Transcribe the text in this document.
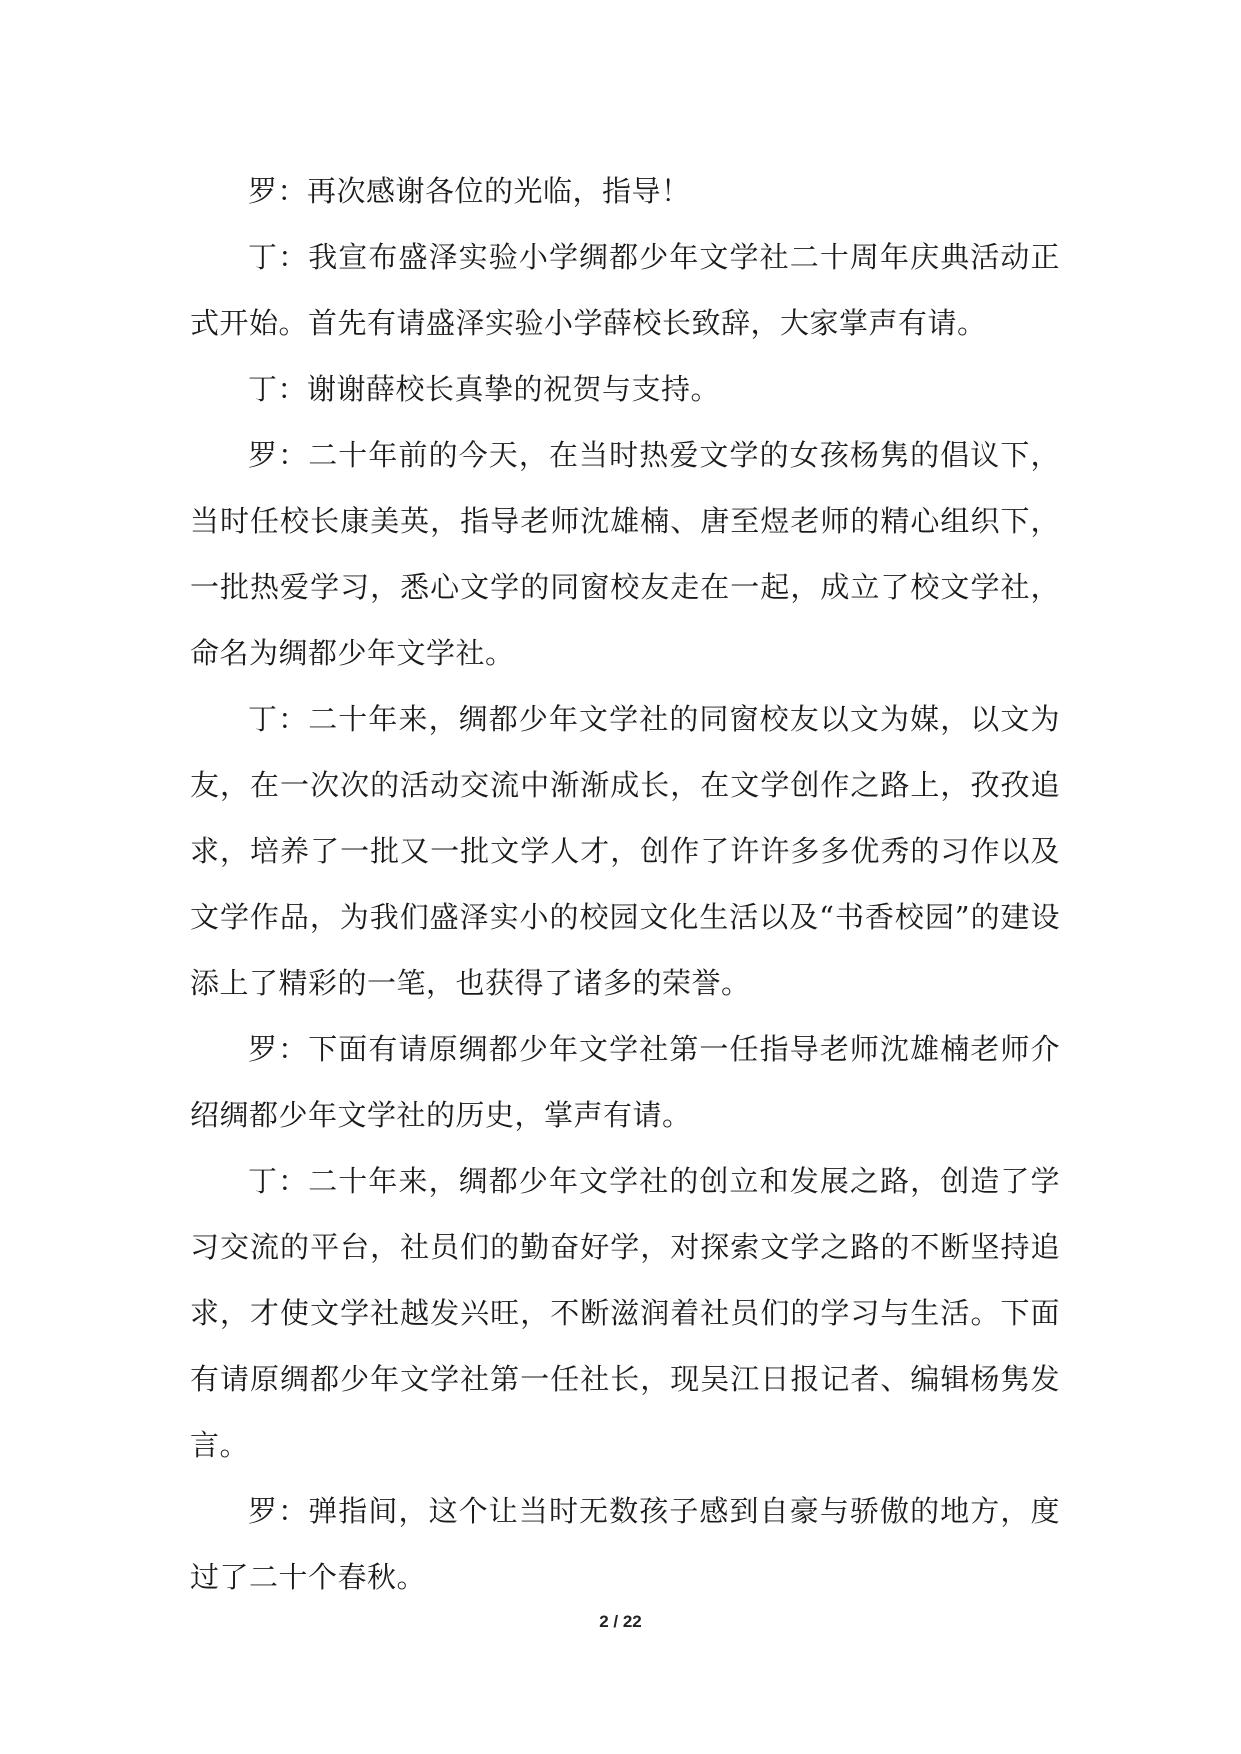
罗：再次感谢各位的光临，指导！

丁：我宣布盛泽实验小学绸都少年文学社二十周年庆典活动正式开始。首先有请盛泽实验小学薛校长致辞，大家掌声有请。

丁：谢谢薛校长真挚的祝贺与支持。

罗：二十年前的今天，在当时热爱文学的女孩杨隽的倡议下，当时任校长康美英，指导老师沈雄楠、唐至煜老师的精心组织下，一批热爱学习，悉心文学的同窗校友走在一起，成立了校文学社，命名为绸都少年文学社。

丁：二十年来，绸都少年文学社的同窗校友以文为媒，以文为友，在一次次的活动交流中渐渐成长，在文学创作之路上，孜孜追求，培养了一批又一批文学人才，创作了许许多多优秀的习作以及文学作品，为我们盛泽实小的校园文化生活以及“书香校园”的建设添上了精彩的一笔，也获得了诸多的荣誉。

罗：下面有请原绸都少年文学社第一任指导老师沈雄楠老师介绍绸都少年文学社的历史，掌声有请。

丁：二十年来，绸都少年文学社的创立和发展之路，创造了学习交流的平台，社员们的勤奋好学，对探索文学之路的不断坚持追求，才使文学社越发兴旺，不断滋润着社员们的学习与生活。下面有请原绸都少年文学社第一任社长，现吴江日报记者、编辑杨隽发言。

罗：弹指间，这个让当时无数孩子感到自豪与骄傲的地方，度过了二十个春秋。

2 / 22
